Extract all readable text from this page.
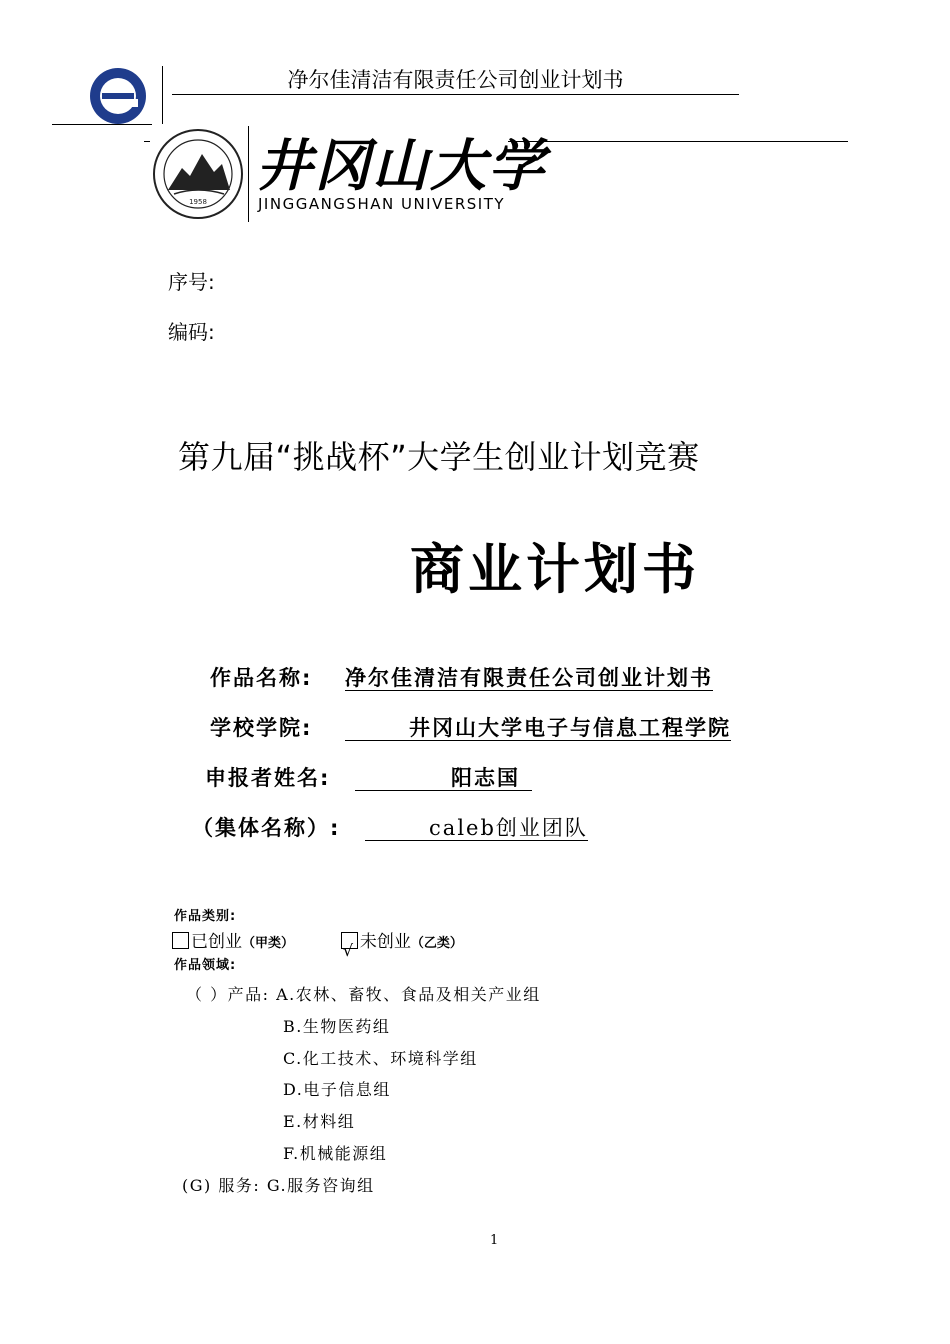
净尔佳清洁有限责任公司创业计划书
1958
井冈山大学
JINGGANGSHAN UNIVERSITY
序号:
编码:
第九届“挑战杯”大学生创业计划竞赛
商业计划书
作品名称: 净尔佳清洁有限责任公司创业计划书
学校学院:	井冈山大学电子与信息工程学院
申报者姓名:	阳志国
（集体名称）:	caleb创业团队
作品类别:
已创业（甲类）	√ 未创业（乙类）
作品领域:
（ ）产品: A.农林、畜牧、食品及相关产业组
B.生物医药组
C.化工技术、环境科学组
D.电子信息组
E.材料组
F.机械能源组
(G) 服务: G.服务咨询组
1
